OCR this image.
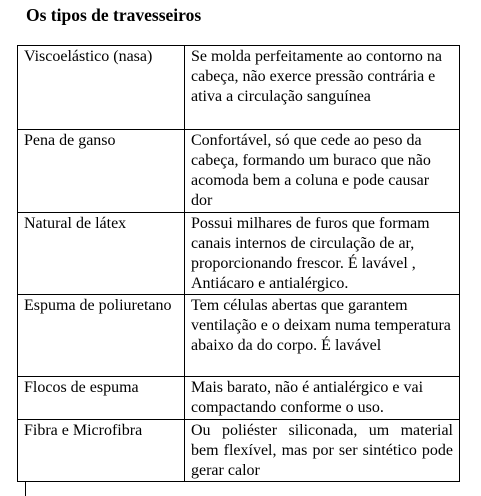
Os tipos de travesseiros
Viscoelástico (nasa)	Se molda perfeitamente ao contorno na cabeça, não exerce pressão contrária e ativa a circulação sanguínea
Pena de ganso	Confortável, só que cede ao peso da cabeça, formando um buraco que não acomoda bem a coluna e pode causar dor
Natural de látex	Possui milhares de furos que formam canais internos de circulação de ar, proporcionando frescor. É lavável , Antiácaro e antialérgico.
Espuma de poliuretano	Tem células abertas que garantem ventilação e o deixam numa temperatura abaixo da do corpo. É lavável
Flocos de espuma	Mais barato, não é antialérgico e vai compactando conforme o uso.
Fibra e Microfibra	Ou poliéster siliconada, um material bem flexível, mas por ser sintético pode gerar calor
